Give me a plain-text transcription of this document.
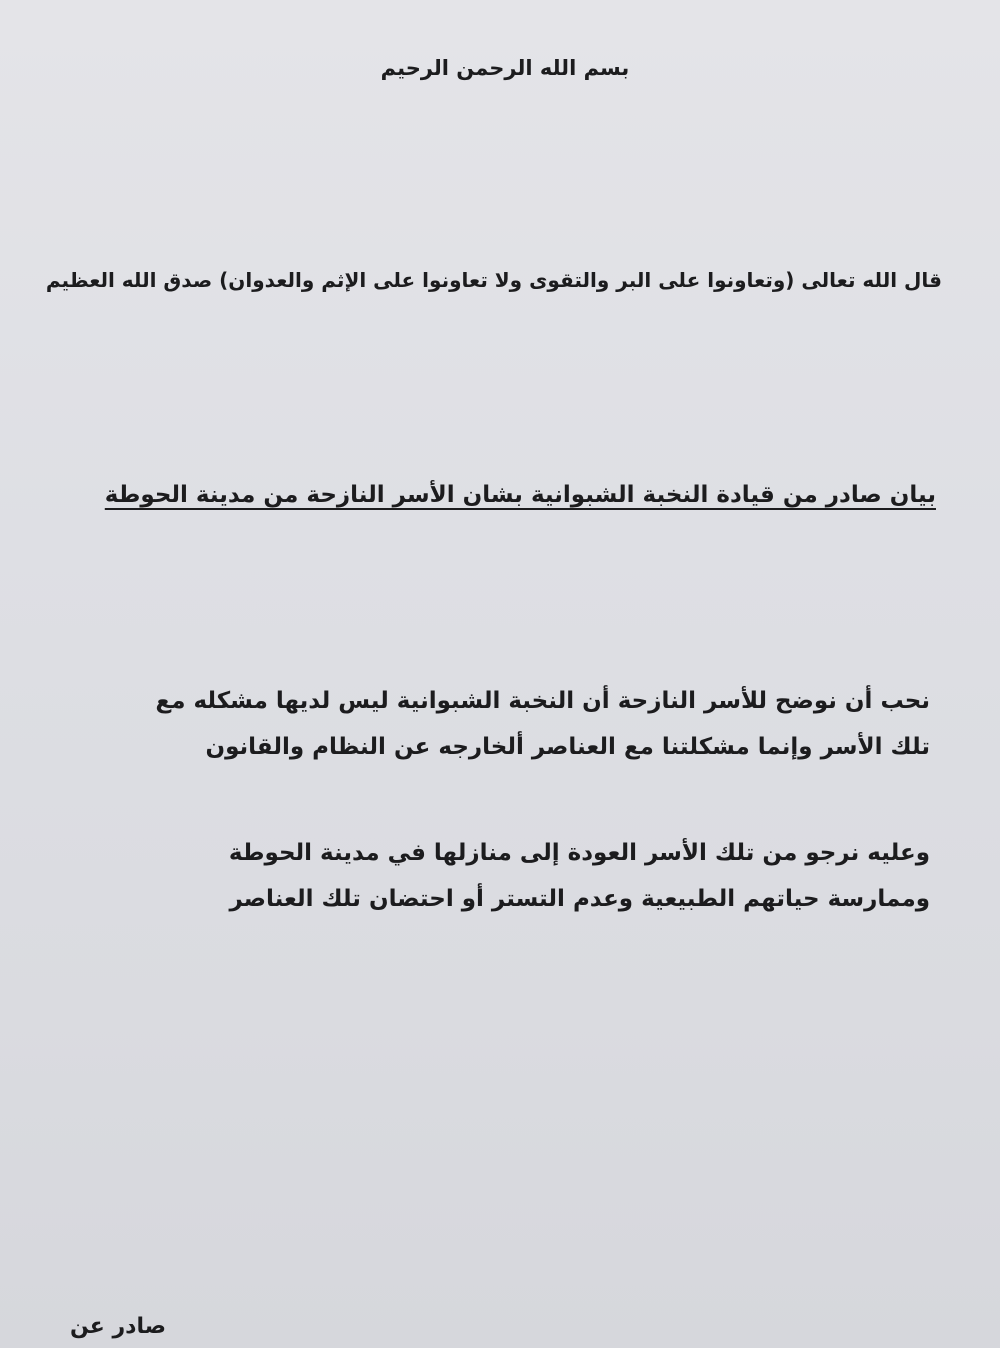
بسم الله الرحمن الرحيم

قال الله تعالى (وتعاونوا على البر والتقوى ولا تعاونوا على الإثم والعدوان) صدق الله العظيم

بيان صادر من قيادة النخبة الشبوانية بشان الأسر النازحة من مدينة الحوطة

نحب أن نوضح للأسر النازحة أن النخبة الشبوانية ليس لديها مشكله مع تلك الأسر وإنما مشكلتنا مع العناصر ألخارجه عن النظام والقانون

وعليه نرجو من تلك الأسر العودة إلى منازلها في مدينة الحوطة وممارسة حياتهم الطبيعية وعدم التستر أو احتضان تلك العناصر

صادر عن
